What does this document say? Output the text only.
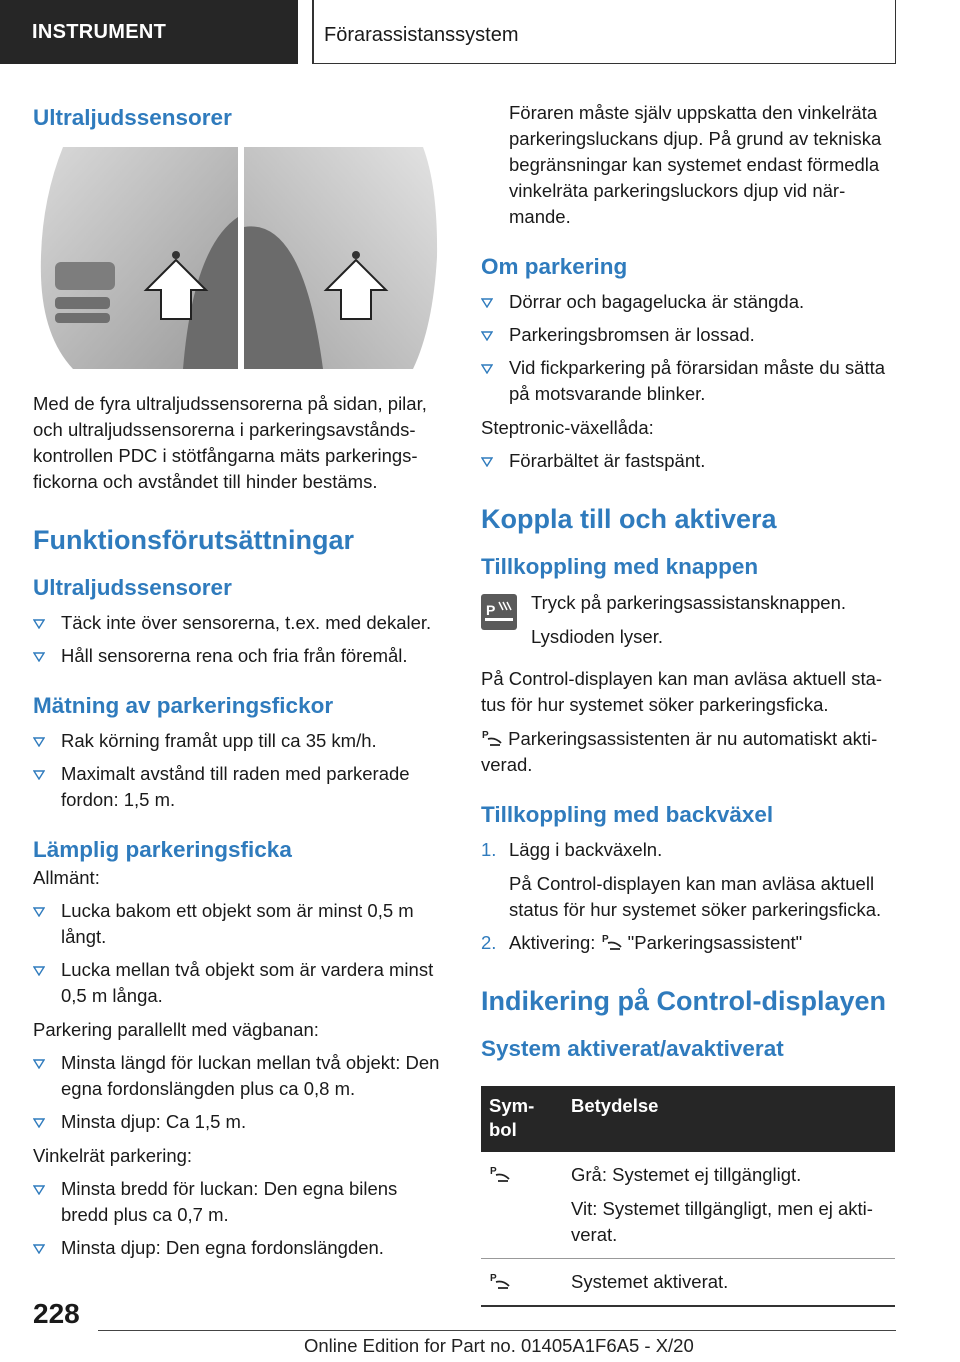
INSTRUMENT	Förarassistanssystem
Ultraljudssensorer
Med de fyra ultraljudssensorerna på sidan, pilar, och ultraljudssensorerna i parkeringsavstånds-kontrollen PDC i stötfångarna mäts parkerings-fickorna och avståndet till hinder bestäms.
Funktionsförutsättningar
Ultraljudssensorer
Täck inte över sensorerna, t.ex. med dekaler.
Håll sensorerna rena och fria från föremål.
Mätning av parkeringsfickor
Rak körning framåt upp till ca 35 km/h.
Maximalt avstånd till raden med parkerade fordon: 1,5 m.
Lämplig parkeringsficka
Allmänt:
Lucka bakom ett objekt som är minst 0,5 m långt.
Lucka mellan två objekt som är vardera minst 0,5 m långa.
Parkering parallellt med vägbanan:
Minsta längd för luckan mellan två objekt: Den egna fordonslängden plus ca 0,8 m.
Minsta djup: Ca 1,5 m.
Vinkelrät parkering:
Minsta bredd för luckan: Den egna bilens bredd plus ca 0,7 m.
Minsta djup: Den egna fordonslängden.
Föraren måste själv uppskatta den vinkelräta parkeringsluckans djup. På grund av tekniska begränsningar kan systemet endast förmedla vinkelräta parkeringsluckors djup vid när-mande.
Om parkering
Dörrar och bagagelucka är stängda.
Parkeringsbromsen är lossad.
Vid fickparkering på förarsidan måste du sätta på motsvarande blinker.
Steptronic-växellåda:
Förarbältet är fastspänt.
Koppla till och aktivera
Tillkoppling med knappen
P Tryck på parkeringsassistansknappen.
Lysdioden lyser.
På Control-displayen kan man avläsa aktuell sta-tus för hur systemet söker parkeringsficka.
P Parkeringsassistenten är nu automatiskt akti-verad.
Tillkoppling med backväxel
1. Lägg i backväxeln.
På Control-displayen kan man avläsa aktuell status för hur systemet söker parkeringsficka.
2. Aktivering: P "Parkeringsassistent"
Indikering på Control-displayen
System aktiverat/avaktiverat
Sym-bol	Betydelse

P	Grå: Systemet ej tillgängligt.
Vit: Systemet tillgängligt, men ej akti-verat.

P	Systemet aktiverat.
228
Online Edition for Part no. 01405A1F6A5 - X/20
